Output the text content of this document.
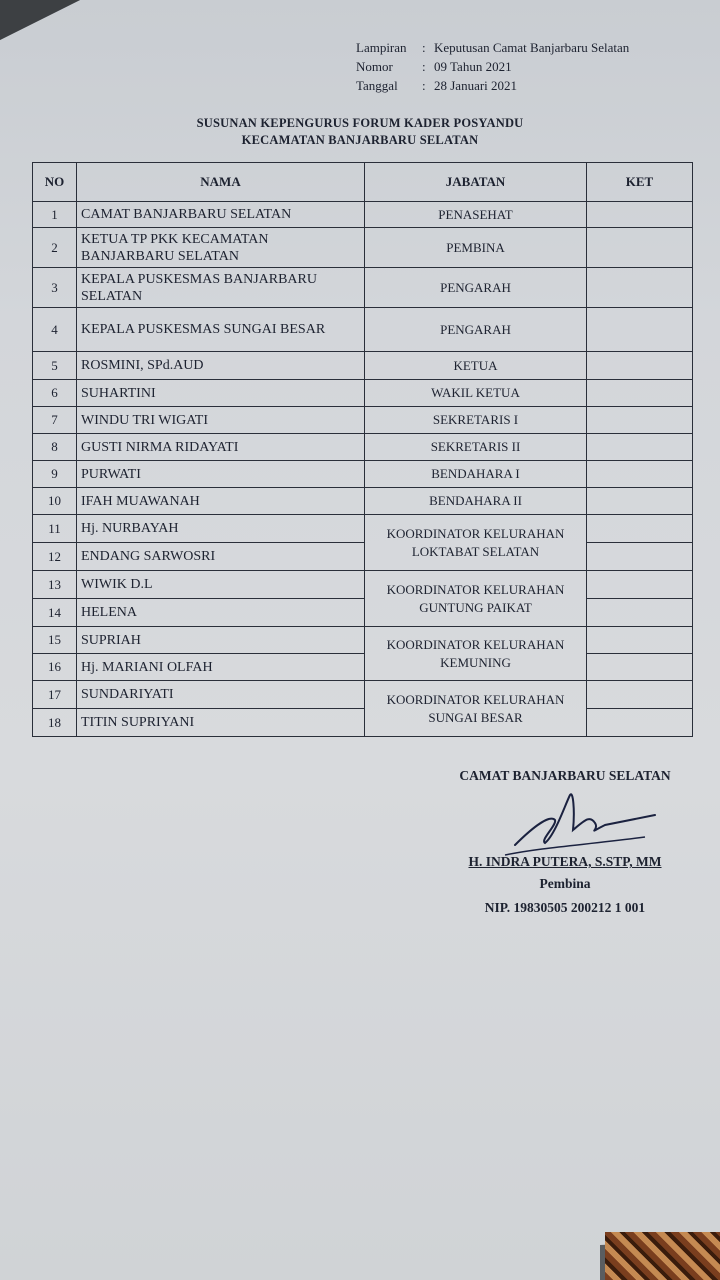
Lampiran	: Keputusan Camat Banjarbaru Selatan
Nomor	: 09 Tahun 2021
Tanggal	: 28 Januari 2021
SUSUNAN KEPENGURUS FORUM KADER POSYANDU
KECAMATAN BANJARBARU SELATAN
NO	NAMA	JABATAN	KET
1	CAMAT BANJARBARU SELATAN	PENASEHAT	
2	KETUA TP PKK KECAMATAN BANJARBARU SELATAN	PEMBINA	
3	KEPALA PUSKESMAS BANJARBARU SELATAN	PENGARAH	
4	KEPALA PUSKESMAS SUNGAI BESAR	PENGARAH	
5	ROSMINI, SPd.AUD	KETUA	
6	SUHARTINI	WAKIL KETUA	
7	WINDU TRI WIGATI	SEKRETARIS I	
8	GUSTI NIRMA RIDAYATI	SEKRETARIS II	
9	PURWATI	BENDAHARA I	
10	IFAH MUAWANAH	BENDAHARA II	
11	Hj. NURBAYAH	KOORDINATOR KELURAHAN LOKTABAT SELATAN	
12	ENDANG SARWOSRI		
13	WIWIK D.L	KOORDINATOR KELURAHAN GUNTUNG PAIKAT	
14	HELENA		
15	SUPRIAH	KOORDINATOR KELURAHAN KEMUNING	
16	Hj. MARIANI OLFAH		
17	SUNDARIYATI	KOORDINATOR KELURAHAN SUNGAI BESAR	
18	TITIN SUPRIYANI		
CAMAT BANJARBARU SELATAN
H. INDRA PUTERA, S.STP, MM
Pembina
NIP. 19830505 200212 1 001
